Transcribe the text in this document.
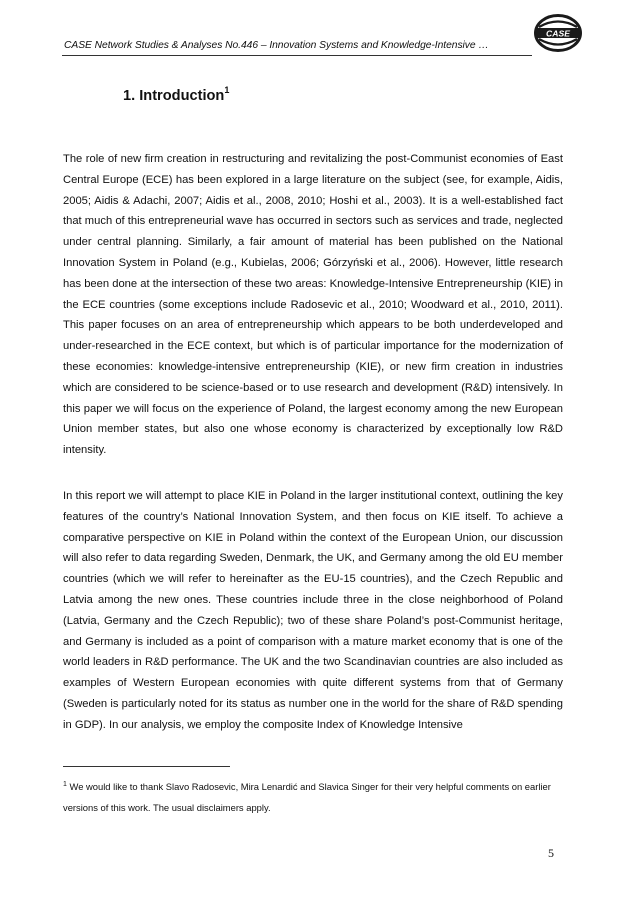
CASE Network Studies & Analyses No.446 – Innovation Systems and Knowledge-Intensive …
CASE
1. Introduction$^1$

The role of new firm creation in restructuring and revitalizing the post-Communist economies of East Central Europe (ECE) has been explored in a large literature on the subject (see, for example, Aidis, 2005; Aidis & Adachi, 2007; Aidis et al., 2008, 2010; Hoshi et al., 2003). It is a well-established fact that much of this entrepreneurial wave has occurred in sectors such as services and trade, neglected under central planning. Similarly, a fair amount of material has been published on the National Innovation System in Poland (e.g., Kubielas, 2006; Górzyński et al., 2006). However, little research has been done at the intersection of these two areas: Knowledge-Intensive Entrepreneurship (KIE) in the ECE countries (some exceptions include Radosevic et al., 2010; Woodward et al., 2010, 2011). This paper focuses on an area of entrepreneurship which appears to be both underdeveloped and under-researched in the ECE context, but which is of particular importance for the modernization of these economies: knowledge-intensive entrepreneurship (KIE), or new firm creation in industries which are considered to be science-based or to use research and development (R&D) intensively. In this paper we will focus on the experience of Poland, the largest economy among the new European Union member states, but also one whose economy is characterized by exceptionally low R&D intensity.

In this report we will attempt to place KIE in Poland in the larger institutional context, outlining the key features of the country’s National Innovation System, and then focus on KIE itself. To achieve a comparative perspective on KIE in Poland within the context of the European Union, our discussion will also refer to data regarding Sweden, Denmark, the UK, and Germany among the old EU member countries (which we will refer to hereinafter as the EU-15 countries), and the Czech Republic and Latvia among the new ones. These countries include three in the close neighborhood of Poland (Latvia, Germany and the Czech Republic); two of these share Poland’s post-Communist heritage, and Germany is included as a point of comparison with a mature market economy that is one of the world leaders in R&D performance. The UK and the two Scandinavian countries are also included as examples of Western European economies with quite different systems from that of Germany (Sweden is particularly noted for its status as number one in the world for the share of R&D spending in GDP). In our analysis, we employ the composite Index of Knowledge Intensive

$^1$ We would like to thank Slavo Radosevic, Mira Lenardić and Slavica Singer for their very helpful comments on earlier versions of this work. The usual disclaimers apply.

5
